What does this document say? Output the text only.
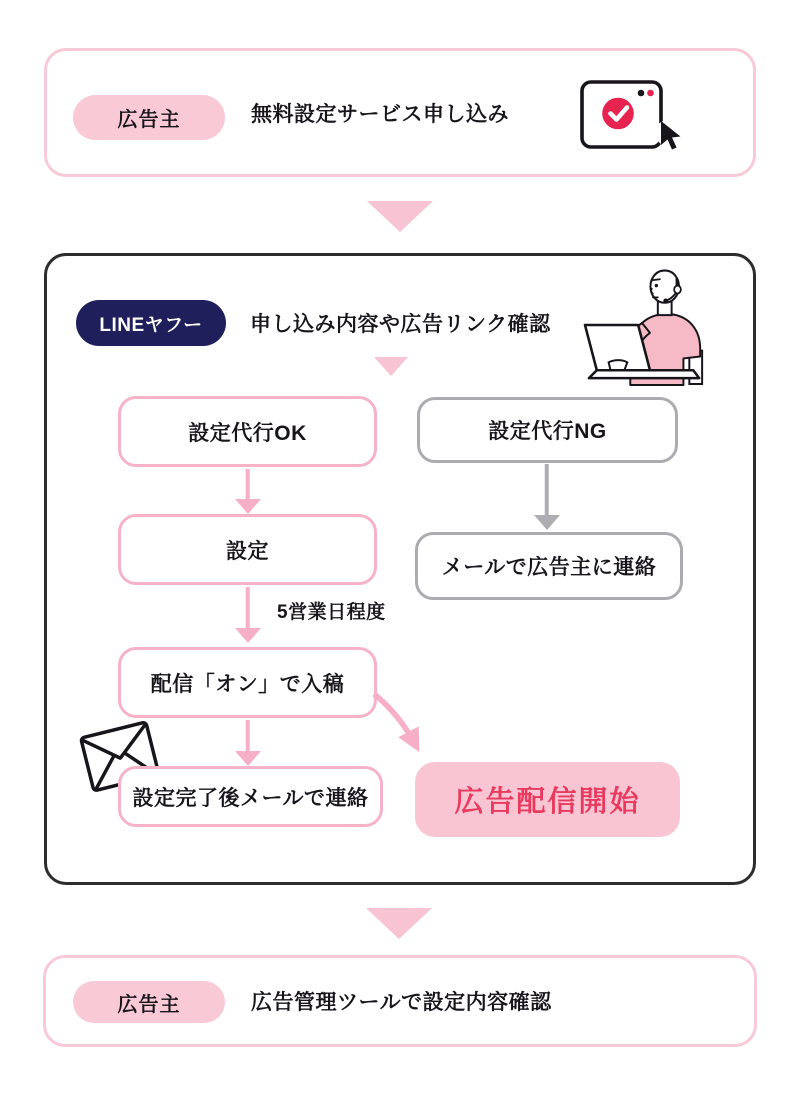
広告主	無料設定サービス申し込み
LINEヤフー	申し込み内容や広告リンク確認
設定代行OK	設定代行NG
設定
メールで広告主に連絡
5営業日程度
配信「オン」で入稿
設定完了後メールで連絡	広告配信開始
広告主	広告管理ツールで設定内容確認
